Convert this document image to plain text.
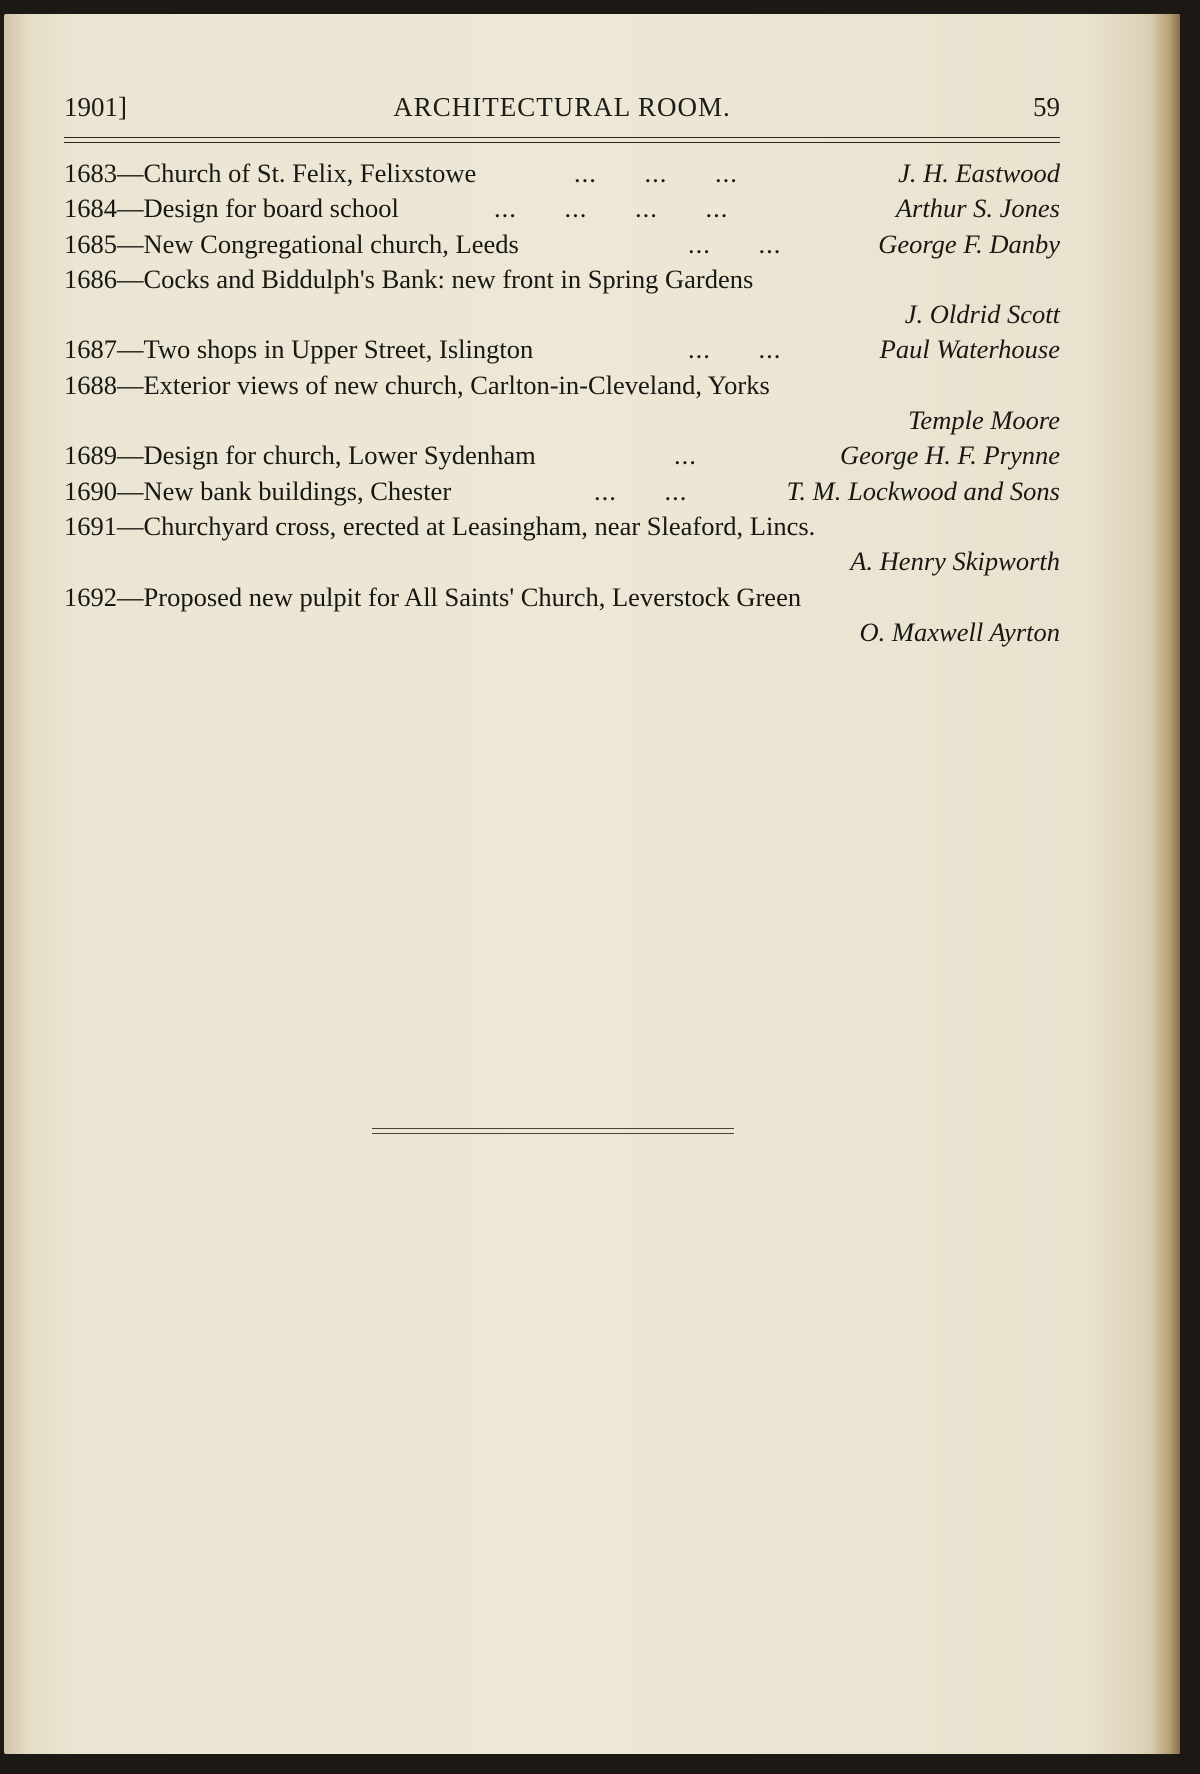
1901]	ARCHITECTURAL ROOM.	59
1683—Church of St. Felix, Felixstowe	... ... ...	J. H. Eastwood
1684—Design for board school	... ... ... ...	Arthur S. Jones
1685—New Congregational church, Leeds	... ...	George F. Danby
1686—Cocks and Biddulph's Bank: new front in Spring Gardens
J. Oldrid Scott
1687—Two shops in Upper Street, Islington	... ...	Paul Waterhouse
1688—Exterior views of new church, Carlton-in-Cleveland, Yorks
Temple Moore
1689—Design for church, Lower Sydenham	...	George H. F. Prynne
1690—New bank buildings, Chester	... ...	T. M. Lockwood and Sons
1691—Churchyard cross, erected at Leasingham, near Sleaford, Lincs.
A. Henry Skipworth
1692—Proposed new pulpit for All Saints' Church, Leverstock Green
O. Maxwell Ayrton
